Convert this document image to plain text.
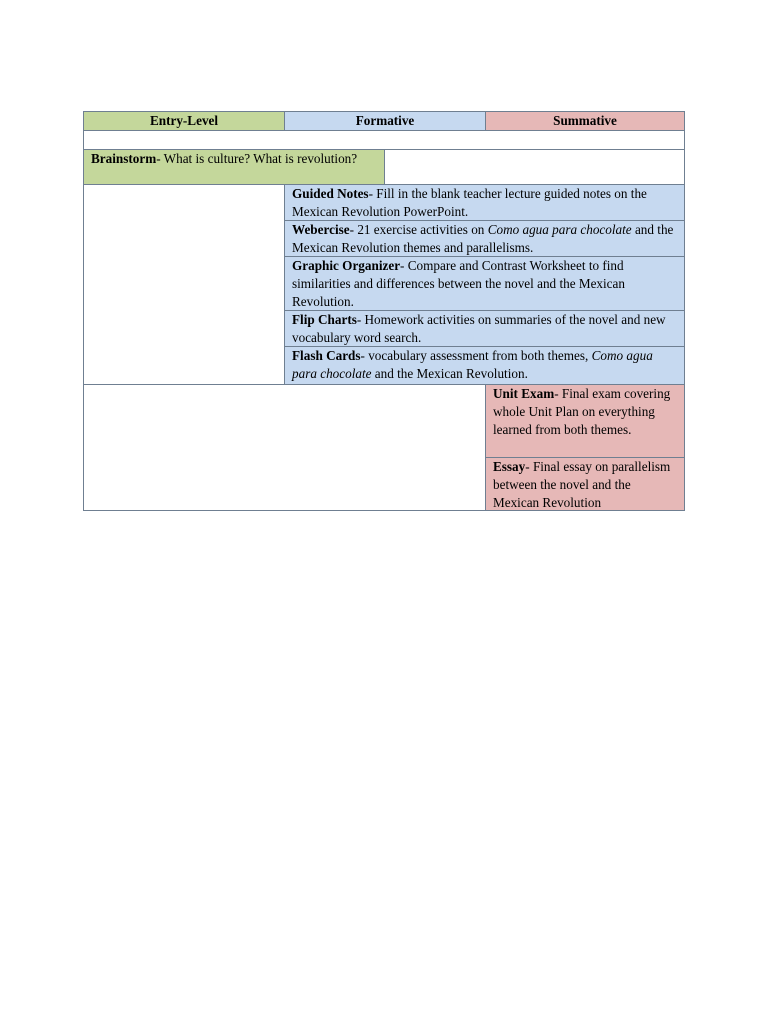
Entry-Level	Formative	Summative
Brainstorm- What is culture? What is revolution?
Guided Notes- Fill in the blank teacher lecture guided notes on the Mexican Revolution PowerPoint.
Webercise- 21 exercise activities on Como agua para chocolate and the Mexican Revolution themes and parallelisms.
Graphic Organizer- Compare and Contrast Worksheet to find similarities and differences between the novel and the Mexican Revolution.
Flip Charts- Homework activities on summaries of the novel and new vocabulary word search.
Flash Cards- vocabulary assessment from both themes, Como agua para chocolate and the Mexican Revolution.
Unit Exam- Final exam covering whole Unit Plan on everything learned from both themes.
Essay- Final essay on parallelism between the novel and the Mexican Revolution
